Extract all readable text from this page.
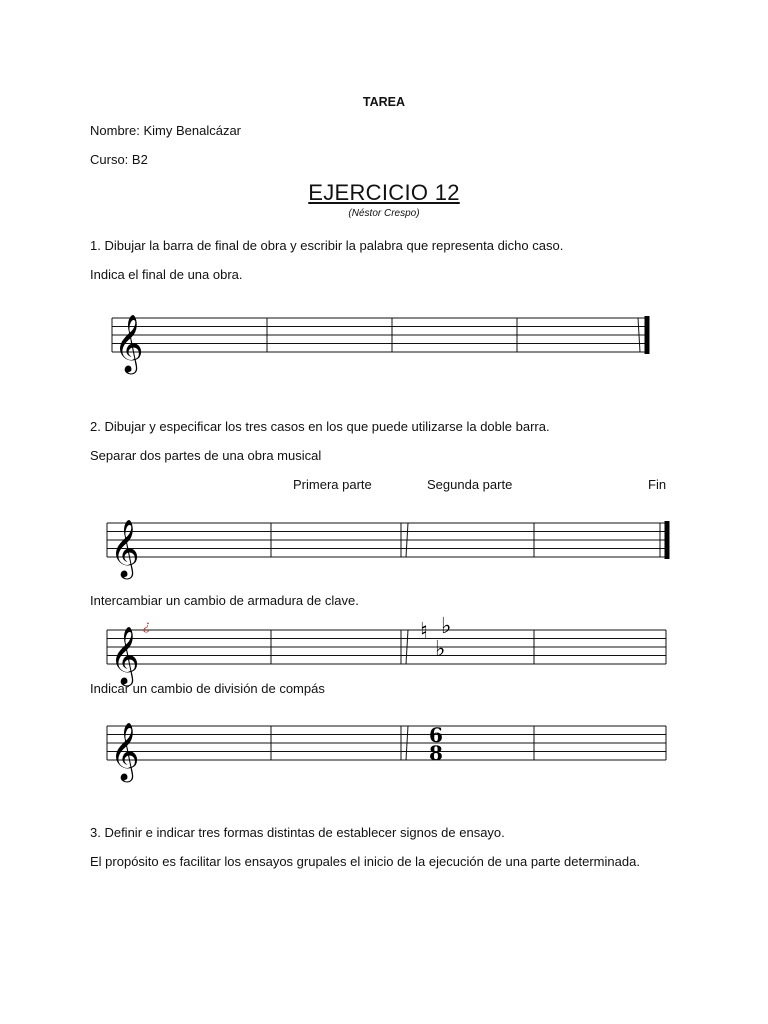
TAREA
Nombre: Kimy Benalcázar
Curso: B2
EJERCICIO 12
(Néstor Crespo)
1. Dibujar la barra de final de obra y escribir la palabra que representa dicho caso.
Indica el final de una obra.
𝄞
2. Dibujar y especificar los tres casos en los que puede utilizarse la doble barra.
Separar dos partes de una obra musical
Primera parte	Segunda parte	Fin
𝄞
Intercambiar un cambio de armadura de clave.
𝄞 ¿	♮
♭
♭
Indicar un cambio de división de compás
𝄞	6
8
3. Definir e indicar tres formas distintas de establecer signos de ensayo.
El propósito es facilitar los ensayos grupales el inicio de la ejecución de una parte determinada.
